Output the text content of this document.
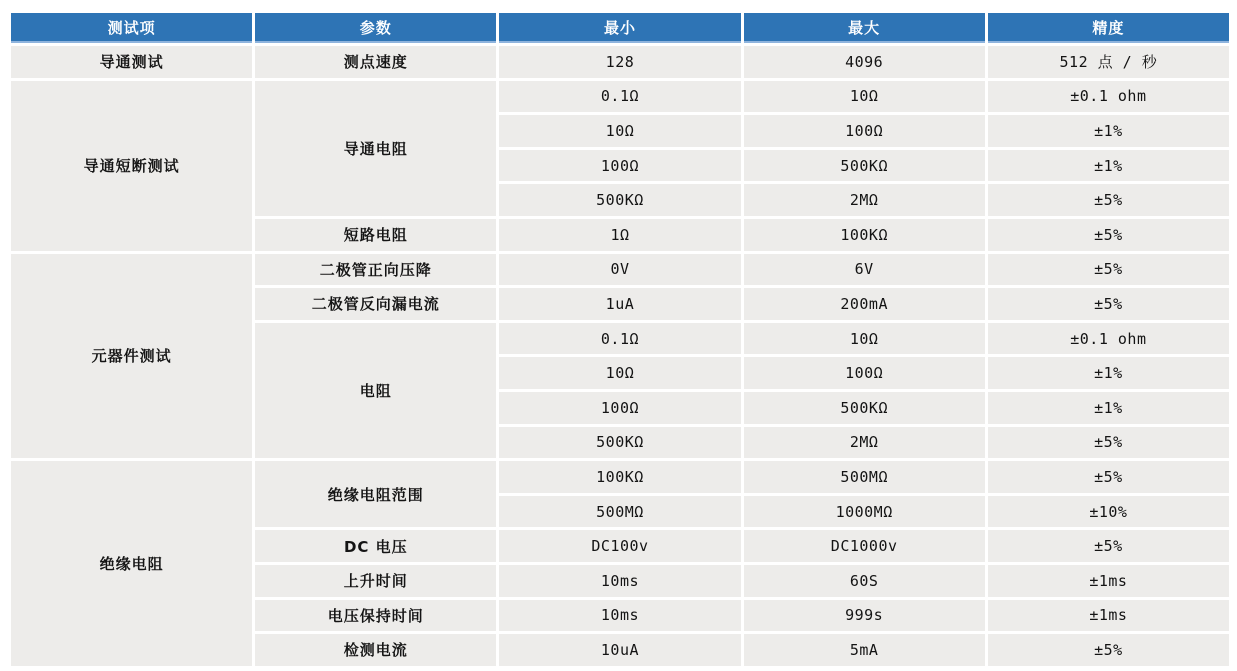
测试项	参数	最小	最大	精度
导通测试	测点速度	128	4096	512 点 / 秒
导通短断测试	导通电阻	0.1Ω	10Ω	±0.1 ohm
		10Ω	100Ω	±1%
		100Ω	500KΩ	±1%
		500KΩ	2MΩ	±5%
	短路电阻	1Ω	100KΩ	±5%
元器件测试	二极管正向压降	0V	6V	±5%
	二极管反向漏电流	1uA	200mA	±5%
	电阻	0.1Ω	10Ω	±0.1 ohm
		10Ω	100Ω	±1%
		100Ω	500KΩ	±1%
		500KΩ	2MΩ	±5%
绝缘电阻	绝缘电阻范围	100KΩ	500MΩ	±5%
		500MΩ	1000MΩ	±10%
	DC 电压	DC100v	DC1000v	±5%
	上升时间	10ms	60S	±1ms
	电压保持时间	10ms	999s	±1ms
	检测电流	10uA	5mA	±5%
